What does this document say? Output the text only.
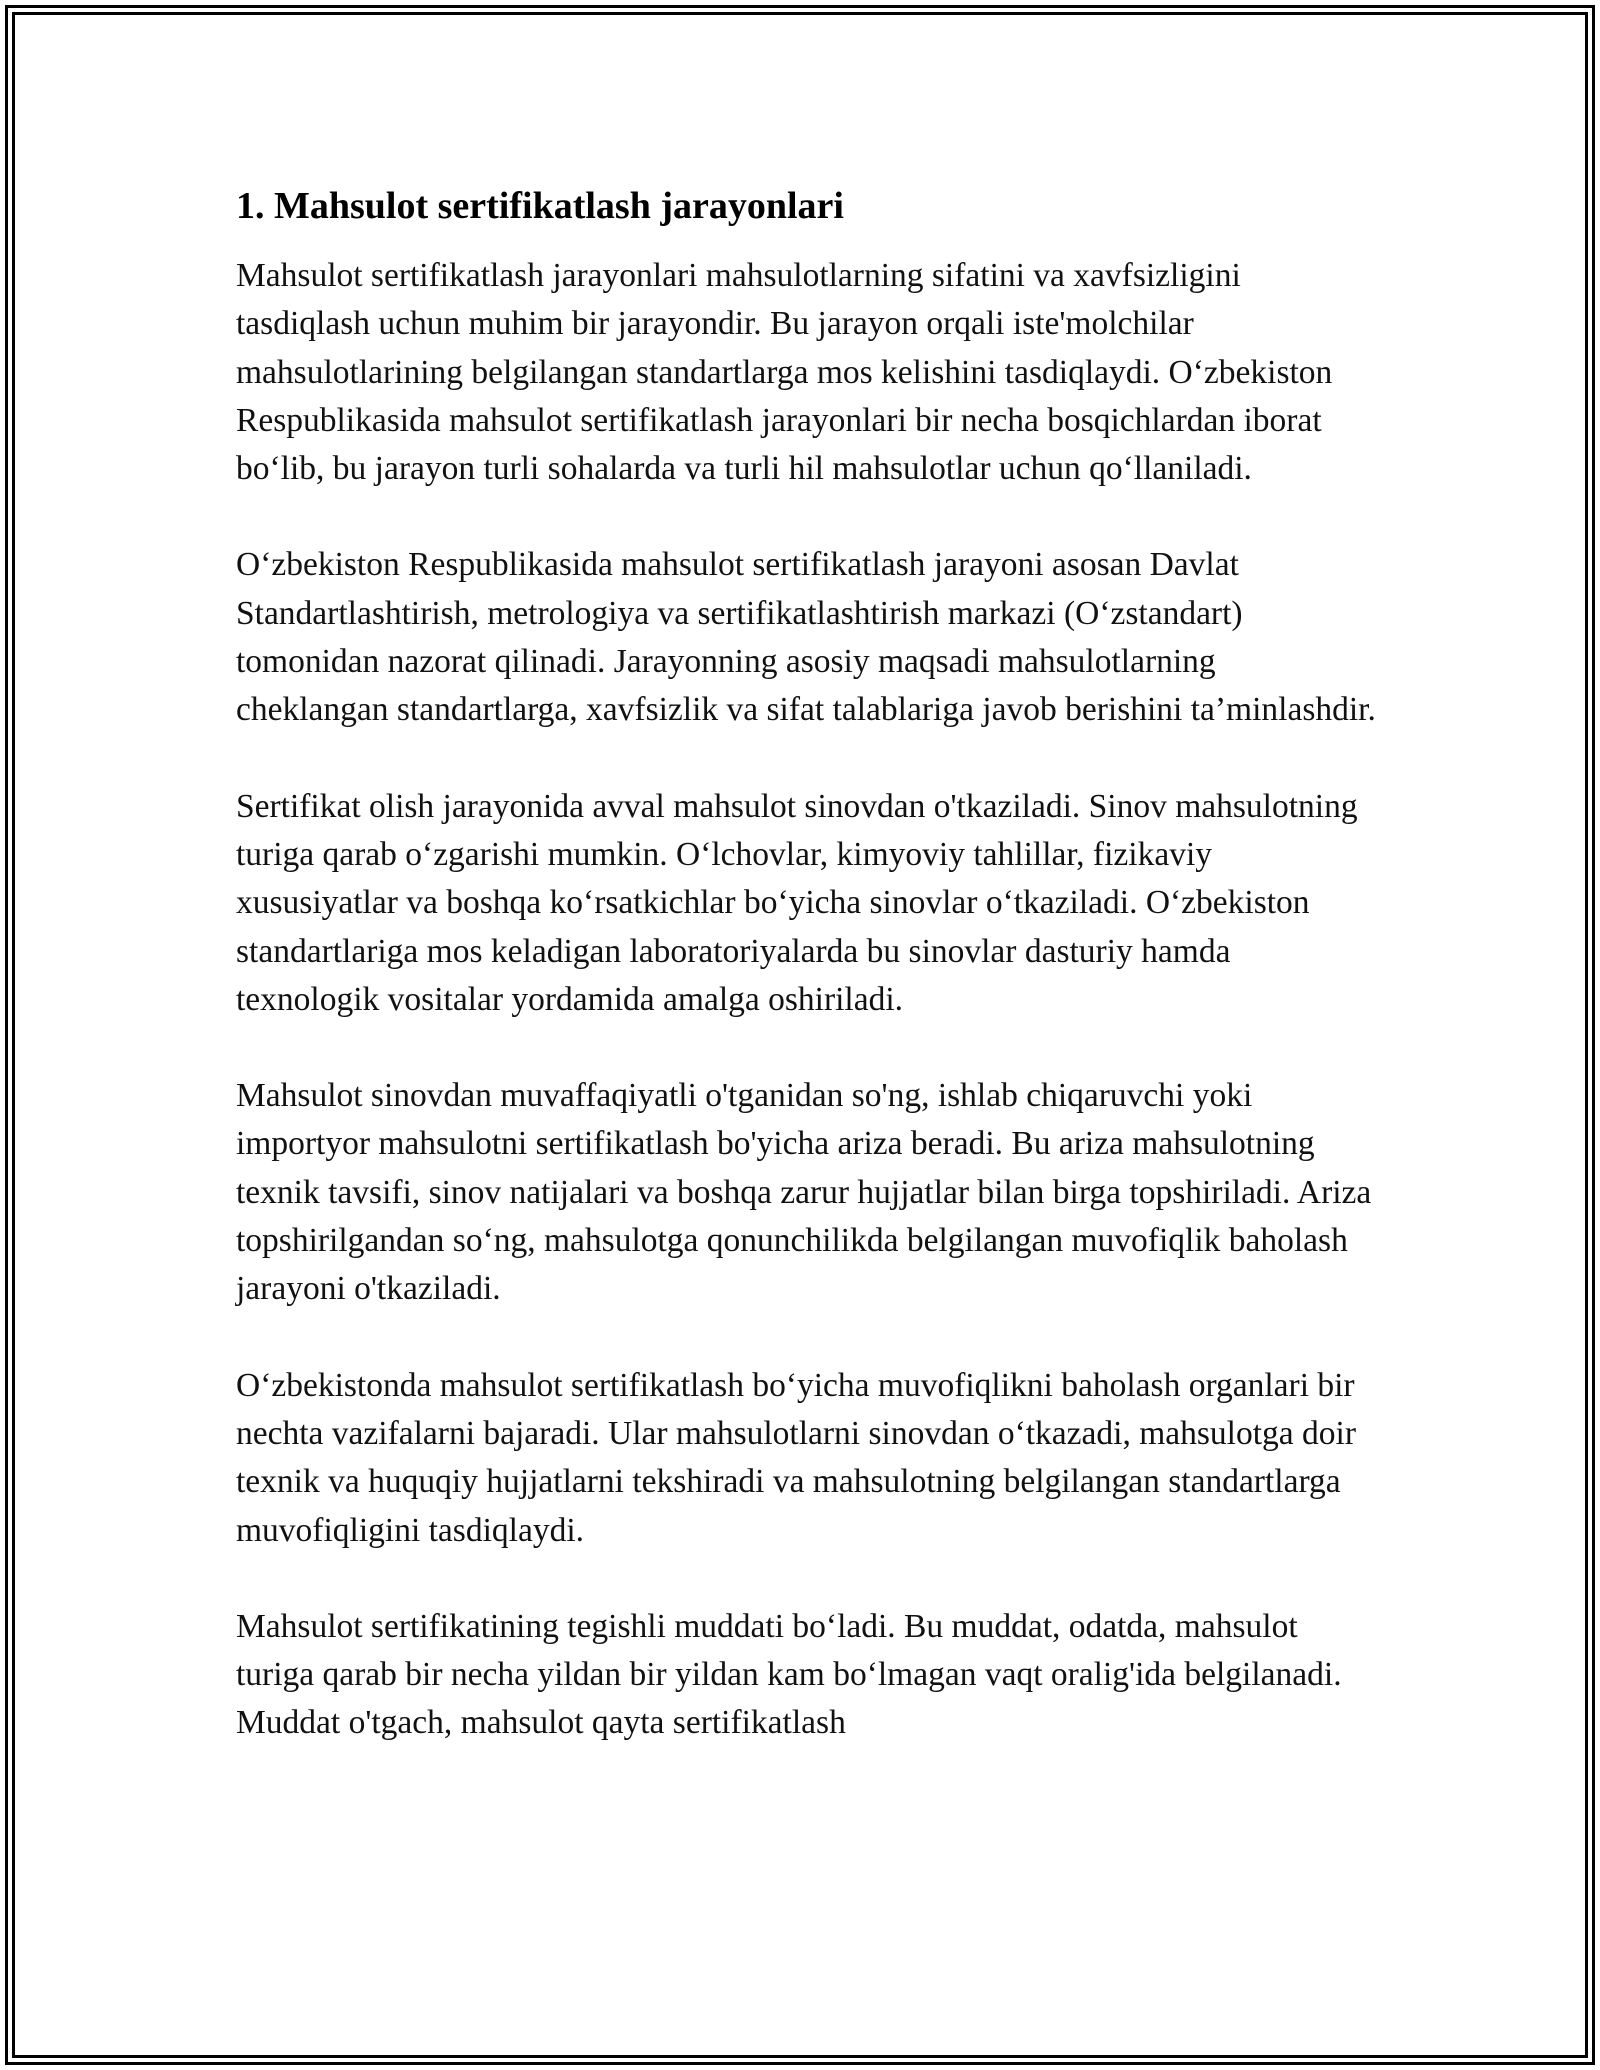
1. Mahsulot sertifikatlash jarayonlari

Mahsulot sertifikatlash jarayonlari mahsulotlarning sifatini va xavfsizligini tasdiqlash uchun muhim bir jarayondir. Bu jarayon orqali iste'molchilar mahsulotlarining belgilangan standartlarga mos kelishini tasdiqlaydi. O‘zbekiston Respublikasida mahsulot sertifikatlash jarayonlari bir necha bosqichlardan iborat bo‘lib, bu jarayon turli sohalarda va turli hil mahsulotlar uchun qo‘llaniladi.

O‘zbekiston Respublikasida mahsulot sertifikatlash jarayoni asosan Davlat Standartlashtirish, metrologiya va sertifikatlashtirish markazi (O‘zstandart) tomonidan nazorat qilinadi. Jarayonning asosiy maqsadi mahsulotlarning cheklangan standartlarga, xavfsizlik va sifat talablariga javob berishini ta’minlashdir.

Sertifikat olish jarayonida avval mahsulot sinovdan o'tkaziladi. Sinov mahsulotning turiga qarab o‘zgarishi mumkin. O‘lchovlar, kimyoviy tahlillar, fizikaviy xususiyatlar va boshqa ko‘rsatkichlar bo‘yicha sinovlar o‘tkaziladi. O‘zbekiston standartlariga mos keladigan laboratoriyalarda bu sinovlar dasturiy hamda texnologik vositalar yordamida amalga oshiriladi.

Mahsulot sinovdan muvaffaqiyatli o'tganidan so'ng, ishlab chiqaruvchi yoki importyor mahsulotni sertifikatlash bo'yicha ariza beradi. Bu ariza mahsulotning texnik tavsifi, sinov natijalari va boshqa zarur hujjatlar bilan birga topshiriladi. Ariza topshirilgandan so‘ng, mahsulotga qonunchilikda belgilangan muvofiqlik baholash jarayoni o'tkaziladi.

O‘zbekistonda mahsulot sertifikatlash bo‘yicha muvofiqlikni baholash organlari bir nechta vazifalarni bajaradi. Ular mahsulotlarni sinovdan o‘tkazadi, mahsulotga doir texnik va huquqiy hujjatlarni tekshiradi va mahsulotning belgilangan standartlarga muvofiqligini tasdiqlaydi.

Mahsulot sertifikatining tegishli muddati bo‘ladi. Bu muddat, odatda, mahsulot turiga qarab bir necha yildan bir yildan kam bo‘lmagan vaqt oralig'ida belgilanadi. Muddat o'tgach, mahsulot qayta sertifikatlash
